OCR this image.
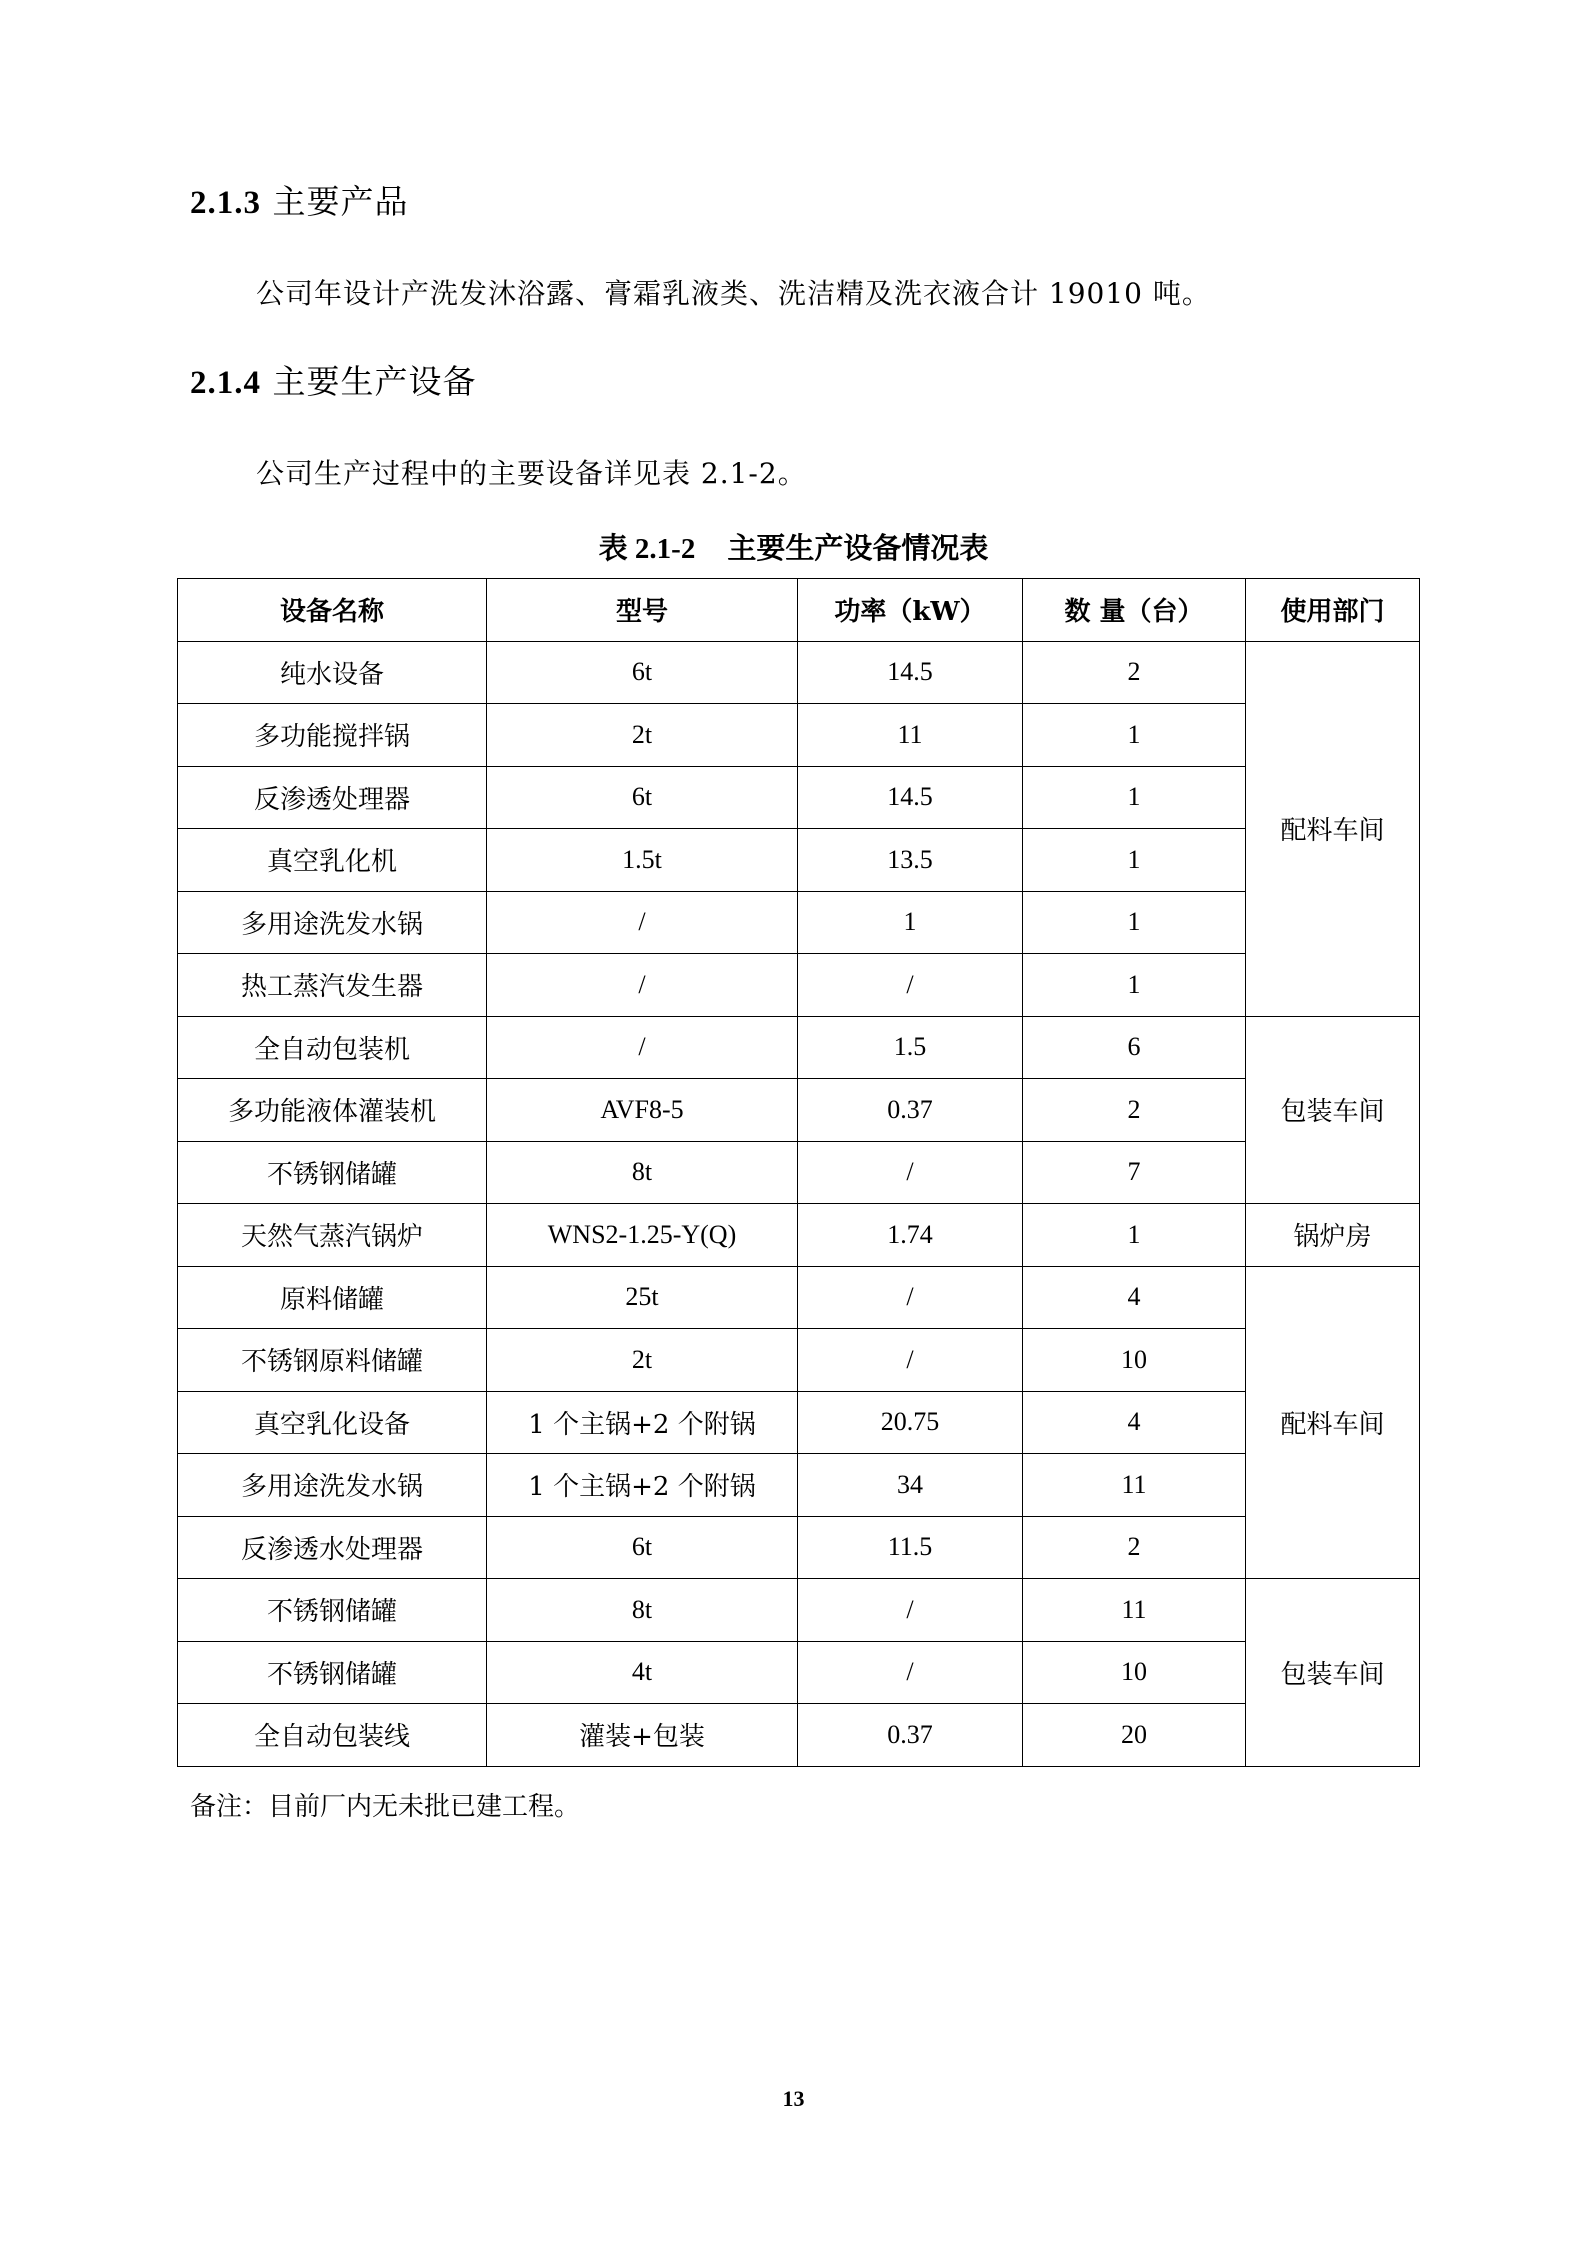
2.1.3 主要产品

公司年设计产洗发沐浴露、膏霜乳液类、洗洁精及洗衣液合计 19010 吨。

2.1.4 主要生产设备

公司生产过程中的主要设备详见表 2.1-2。

表 2.1-2 主要生产设备情况表

设备名称	型号	功率（kW）	数 量（台）	使用部门
纯水设备	6t	14.5	2	配料车间
多功能搅拌锅	2t	11	1	
反渗透处理器	6t	14.5	1	
真空乳化机	1.5t	13.5	1	
多用途洗发水锅	/	1	1	
热工蒸汽发生器	/	/	1	
全自动包装机	/	1.5	6	包装车间
多功能液体灌装机	AVF8-5	0.37	2	
不锈钢储罐	8t	/	7	
天然气蒸汽锅炉	WNS2-1.25-Y(Q)	1.74	1	锅炉房
原料储罐	25t	/	4	配料车间
不锈钢原料储罐	2t	/	10	
真空乳化设备	1 个主锅+2 个附锅	20.75	4	
多用途洗发水锅	1 个主锅+2 个附锅	34	11	
反渗透水处理器	6t	11.5	2	
不锈钢储罐	8t	/	11	包装车间
不锈钢储罐	4t	/	10	
全自动包装线	灌装+包装	0.37	20	

备注：目前厂内无未批已建工程。

13
